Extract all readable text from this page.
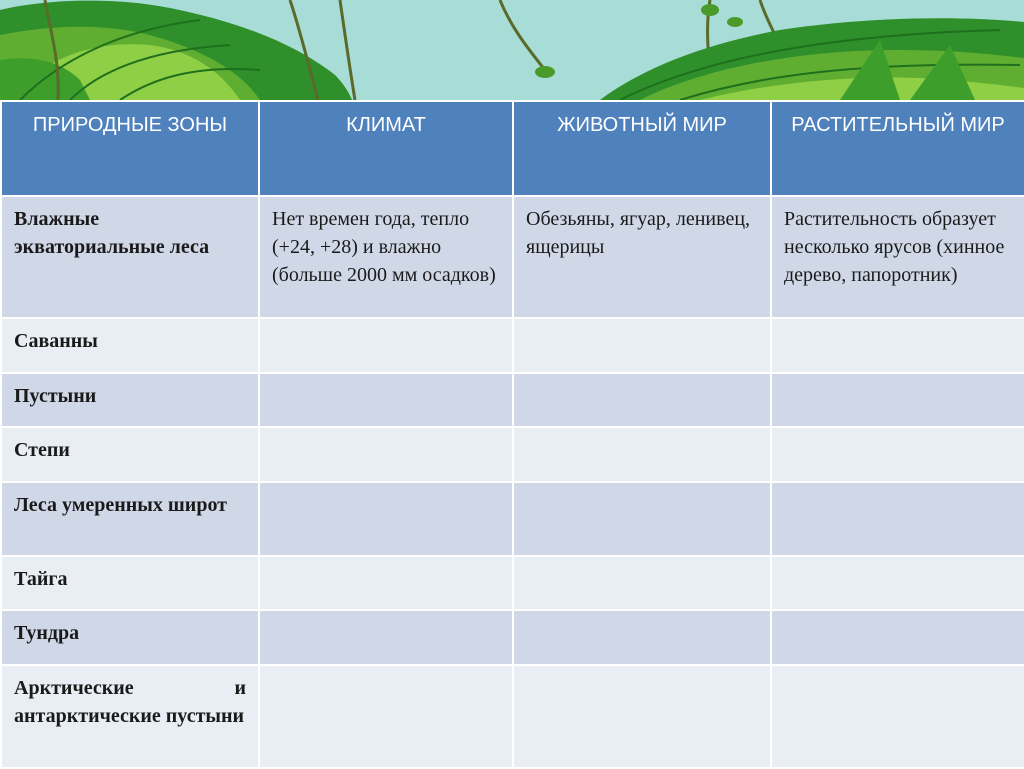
ПРИРОДНЫЕ ЗОНЫ	КЛИМАТ	ЖИВОТНЫЙ МИР	РАСТИТЕЛЬНЫЙ МИР
Влажные экваториальные леса	Нет времен года, тепло (+24, +28) и влажно (больше 2000 мм осадков)	Обезьяны, ягуар, ленивец, ящерицы	Растительность образует несколько ярусов (хинное дерево, папоротник)
Саванны			
Пустыни			
Степи			
Леса умеренных широт			
Тайга			
Тундра			
Арктические и антарктические пустыни			
